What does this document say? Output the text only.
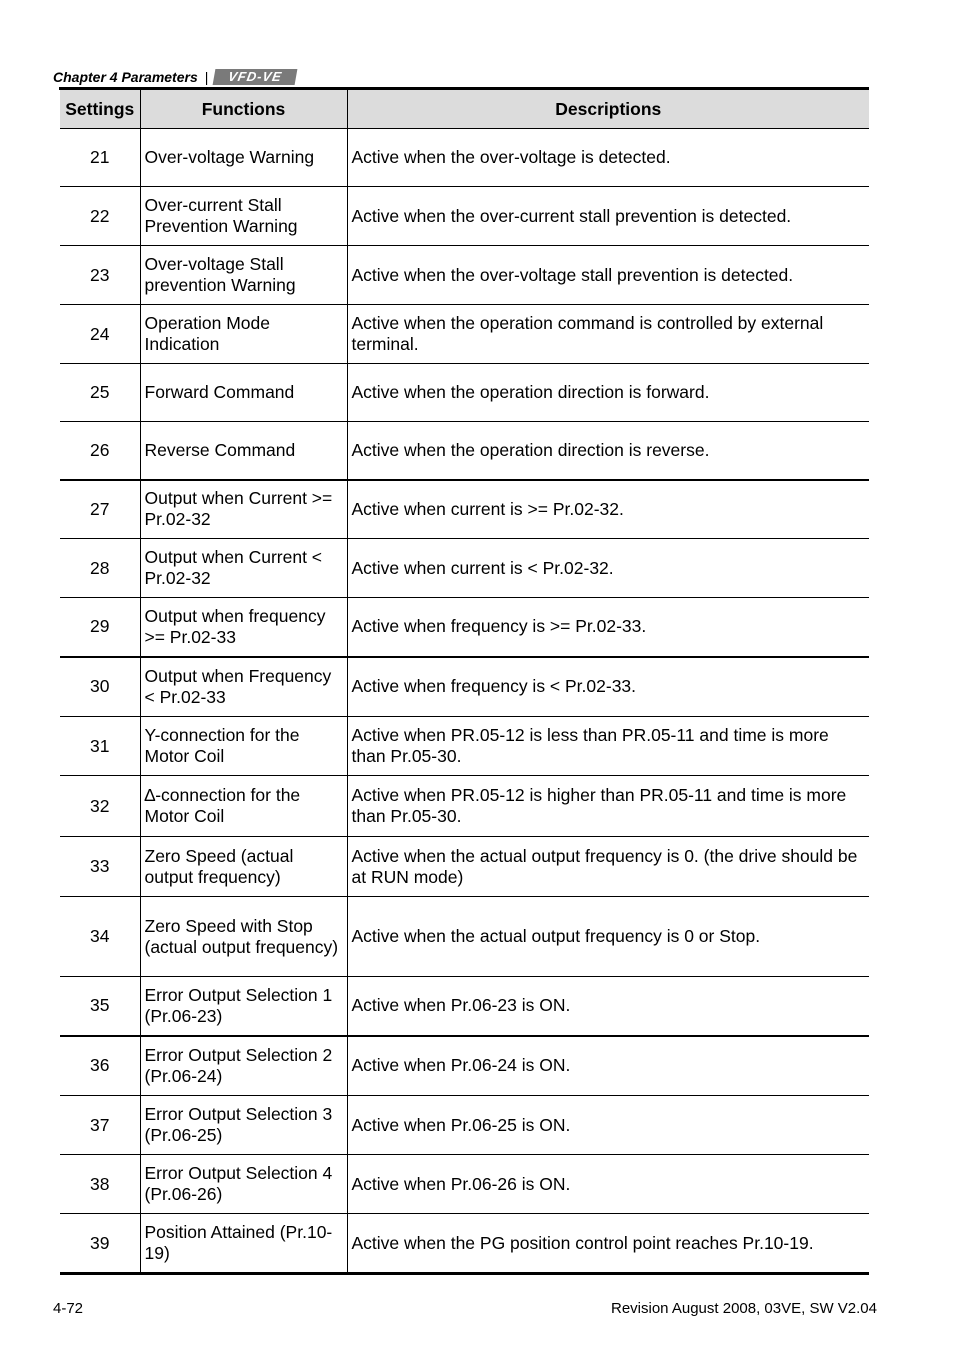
Chapter 4 Parameters |	VFD-VE
Settings	Functions	Descriptions
21	Over-voltage Warning	Active when the over-voltage is detected.
22	Over-current Stall Prevention Warning	Active when the over-current stall prevention is detected.
23	Over-voltage Stall prevention Warning	Active when the over-voltage stall prevention is detected.
24	Operation Mode Indication	Active when the operation command is controlled by external terminal.
25	Forward Command	Active when the operation direction is forward.
26	Reverse Command	Active when the operation direction is reverse.
27	Output when Current >= Pr.02-32	Active when current is >= Pr.02-32.
28	Output when Current < Pr.02-32	Active when current is < Pr.02-32.
29	Output when frequency >= Pr.02-33	Active when frequency is >= Pr.02-33.
30	Output when Frequency < Pr.02-33	Active when frequency is < Pr.02-33.
31	Y-connection for the Motor Coil	Active when PR.05-12 is less than PR.05-11 and time is more than Pr.05-30.
32	∆-connection for the Motor Coil	Active when PR.05-12 is higher than PR.05-11 and time is more than Pr.05-30.
33	Zero Speed (actual output frequency)	Active when the actual output frequency is 0. (the drive should be at RUN mode)
34	Zero Speed with Stop (actual output frequency)	Active when the actual output frequency is 0 or Stop.
35	Error Output Selection 1 (Pr.06-23)	Active when Pr.06-23 is ON.
36	Error Output Selection 2 (Pr.06-24)	Active when Pr.06-24 is ON.
37	Error Output Selection 3 (Pr.06-25)	Active when Pr.06-25 is ON.
38	Error Output Selection 4 (Pr.06-26)	Active when Pr.06-26 is ON.
39	Position Attained (Pr.10-19)	Active when the PG position control point reaches Pr.10-19.
4-72	Revision August 2008, 03VE, SW V2.04
